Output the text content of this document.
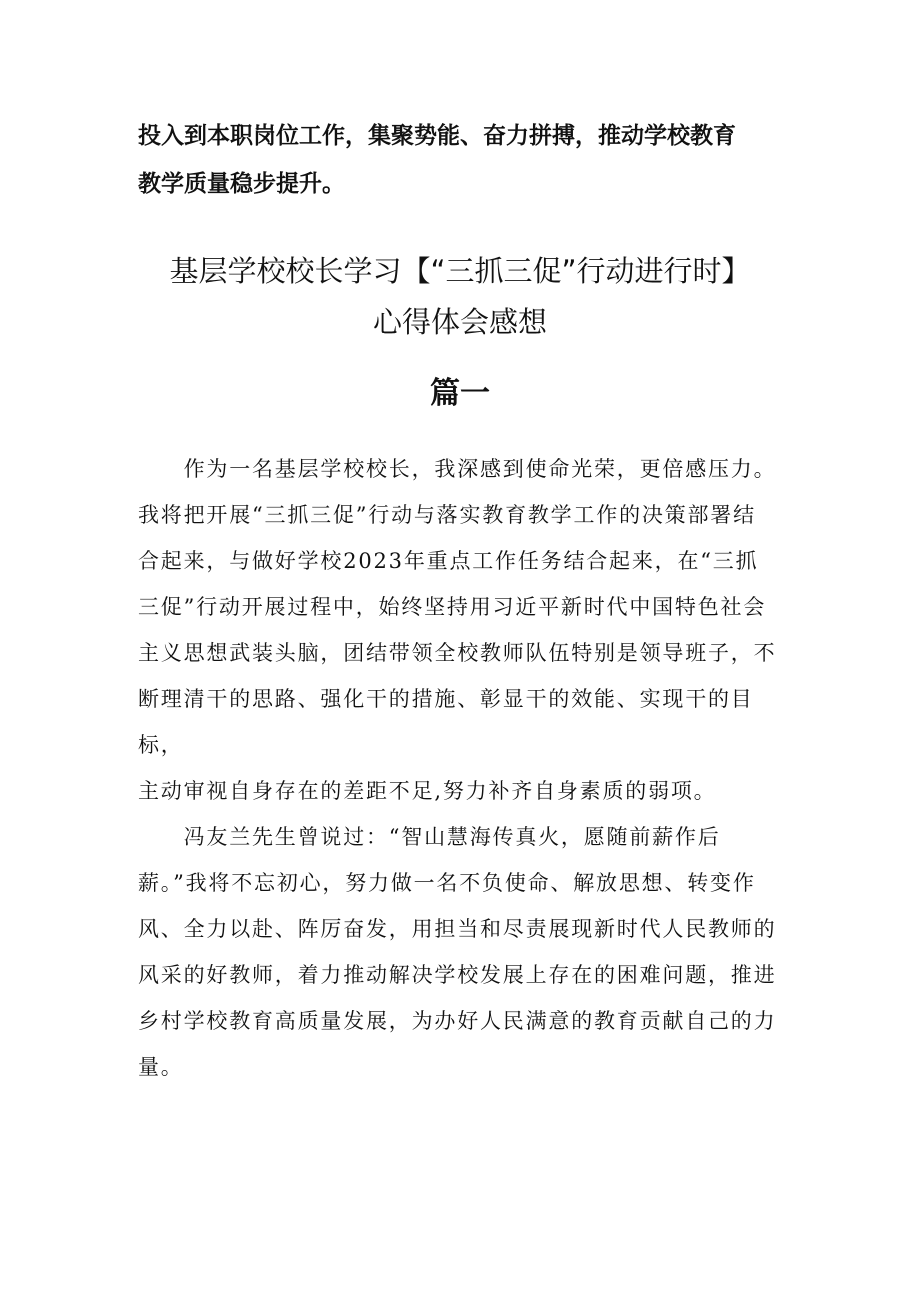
投入到本职岗位工作，集聚势能、奋力拼搏，推动学校教育

教学质量稳步提升。

基层学校校长学习【“三抓三促”行动进行时】

心得体会感想

篇一

　　作为一名基层学校校长，我深感到使命光荣，更倍感压力。

我将把开展“三抓三促”行动与落实教育教学工作的决策部署结

合起来，与做好学校2023年重点工作任务结合起来，在“三抓

三促”行动开展过程中，始终坚持用习近平新时代中国特色社会

主义思想武装头脑，团结带领全校教师队伍特别是领导班子，不

断理清干的思路、强化干的措施、彰显干的效能、实现干的目标，

主动审视自身存在的差距不足,努力补齐自身素质的弱项。

　　冯友兰先生曾说过：“智山慧海传真火，愿随前薪作后

薪。”我将不忘初心，努力做一名不负使命、解放思想、转变作

风、全力以赴、阵厉奋发，用担当和尽责展现新时代人民教师的

风采的好教师，着力推动解决学校发展上存在的困难问题，推进

乡村学校教育高质量发展，为办好人民满意的教育贡献自己的力

量。
